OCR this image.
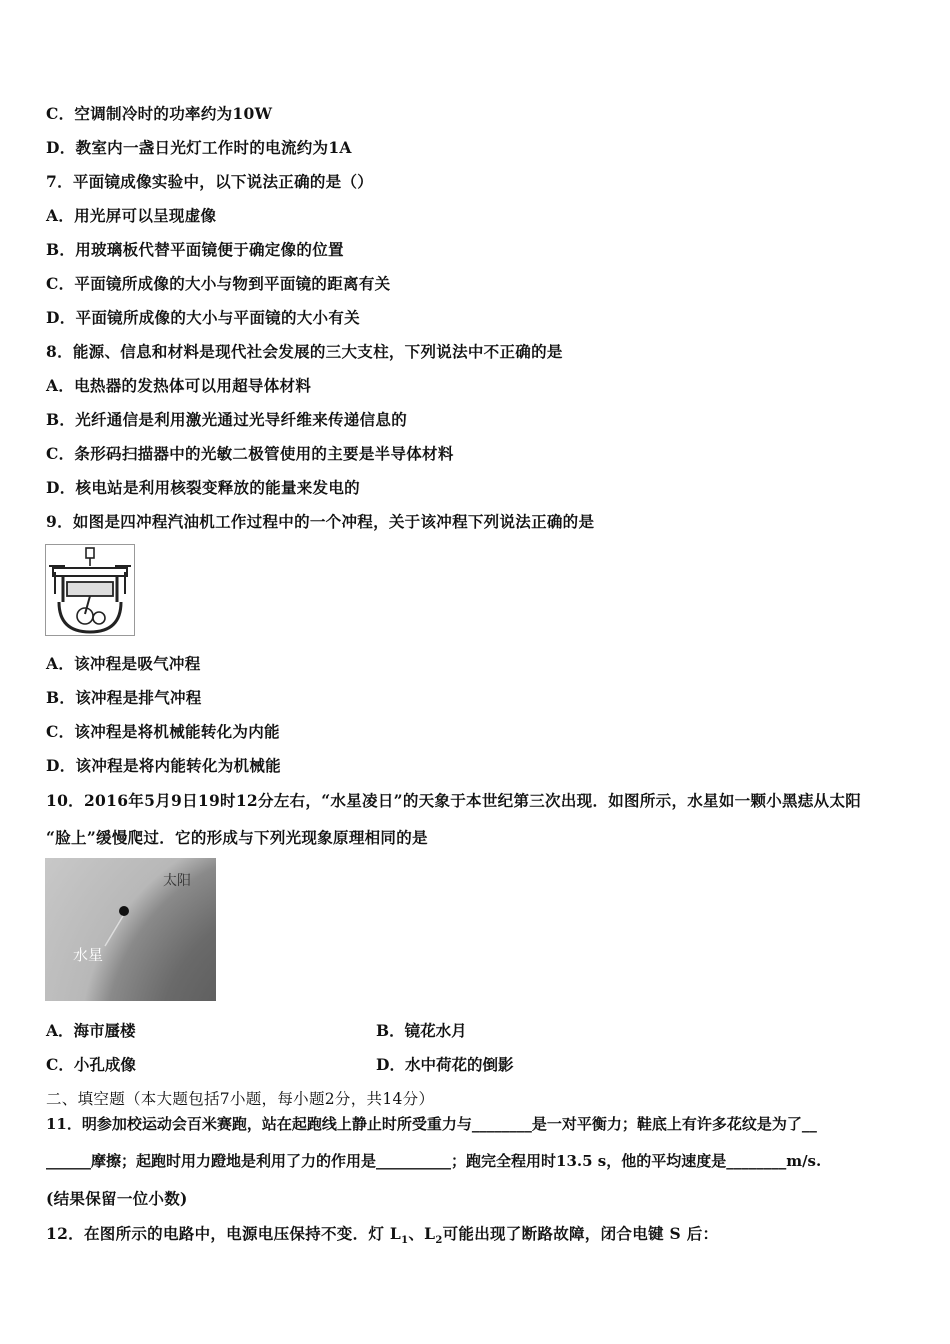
C．空调制冷时的功率约为10W
D．教室内一盏日光灯工作时的电流约为1A
7．平面镜成像实验中，以下说法正确的是（）
A．用光屏可以呈现虚像
B．用玻璃板代替平面镜便于确定像的位置
C．平面镜所成像的大小与物到平面镜的距离有关
D．平面镜所成像的大小与平面镜的大小有关
8．能源、信息和材料是现代社会发展的三大支柱，下列说法中不正确的是
A．电热器的发热体可以用超导体材料
B．光纤通信是利用激光通过光导纤维来传递信息的
C．条形码扫描器中的光敏二极管使用的主要是半导体材料
D．核电站是利用核裂变释放的能量来发电的
9．如图是四冲程汽油机工作过程中的一个冲程，关于该冲程下列说法正确的是
A．该冲程是吸气冲程
B．该冲程是排气冲程
C．该冲程是将机械能转化为内能
D．该冲程是将内能转化为机械能
10．2016年5月9日19时12分左右，“水星凌日”的天象于本世纪第三次出现．如图所示，水星如一颗小黑痣从太阳
“脸上”缓慢爬过．它的形成与下列光现象原理相同的是
太阳
水星
A．海市蜃楼	B．镜花水月
C．小孔成像	D．水中荷花的倒影
二、填空题（本大题包括7小题，每小题2分，共14分）
11．明参加校运动会百米赛跑，站在起跑线上静止时所受重力与________是一对平衡力；鞋底上有许多花纹是为了__
______摩擦；起跑时用力蹬地是利用了力的作用是__________；跑完全程用时13.5 s，他的平均速度是________m/s.
(结果保留一位小数)
12．在图所示的电路中，电源电压保持不变．灯 $L_1$、$L_2$可能出现了断路故障，闭合电键 S 后：
